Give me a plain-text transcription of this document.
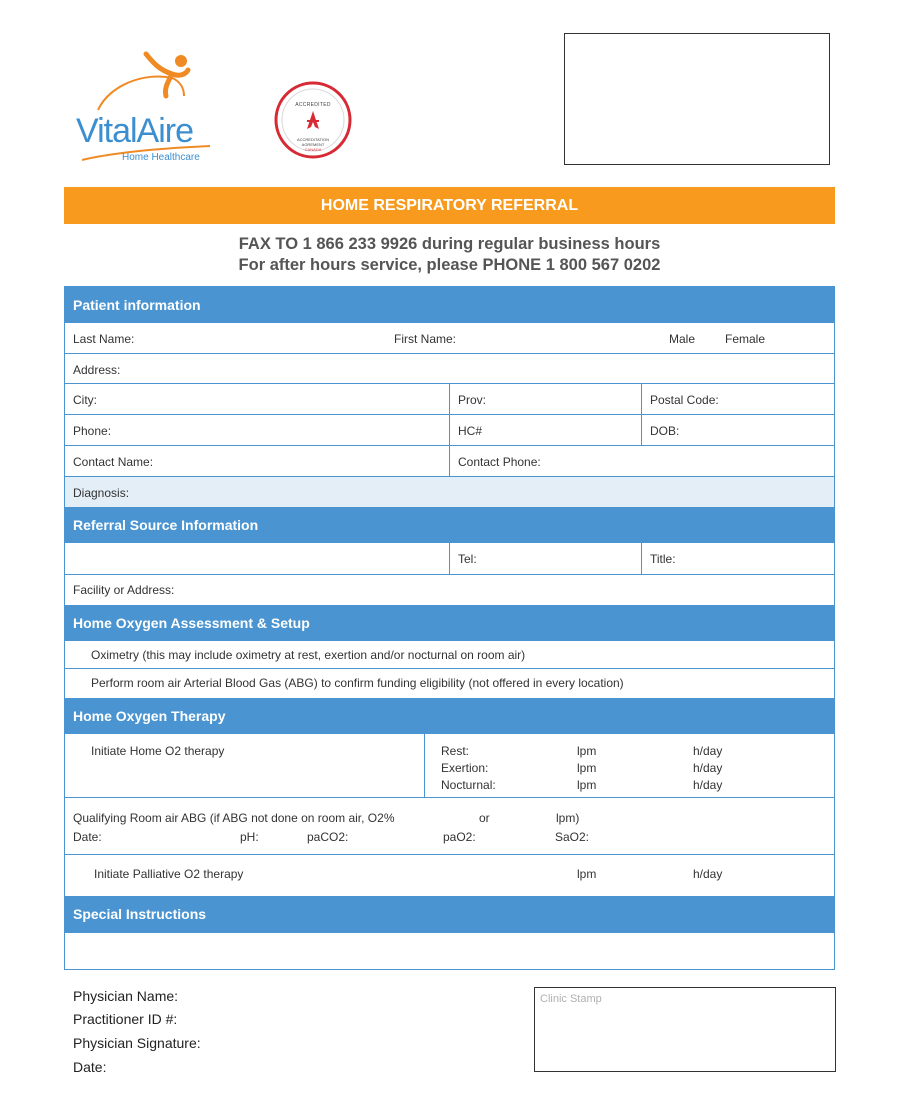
VitalAire
Home Healthcare
ACCREDITED
ACCREDITATION
AGREMENT
CANADA
HOME RESPIRATORY REFERRAL
FAX TO 1 866 233 9926 during regular business hours
For after hours service, please PHONE 1 800 567 0202
Patient information
Last Name:	First Name:	Male Female
Address:
City:	Prov:	Postal Code:
Phone:	HC#	DOB:
Contact Name:	Contact Phone:
Diagnosis:
Referral Source Information
Tel:	Title:
Facility or Address:
Home Oxygen Assessment & Setup
Oximetry (this may include oximetry at rest, exertion and/or nocturnal on room air)
Perform room air Arterial Blood Gas (ABG) to confirm funding eligibility (not offered in every location)
Home Oxygen Therapy
Initiate Home O2 therapy	Rest:	lpm	h/day
Exertion:	lpm	h/day
Nocturnal:	lpm	h/day
Qualifying Room air ABG (if ABG not done on room air, O2%	or	lpm)
Date:	pH:	paCO2:	paO2:	SaO2:
Initiate Palliative O2 therapy	lpm	h/day
Special Instructions
Physician Name:
Practitioner ID #:
Physician Signature:
Date:
Clinic Stamp
